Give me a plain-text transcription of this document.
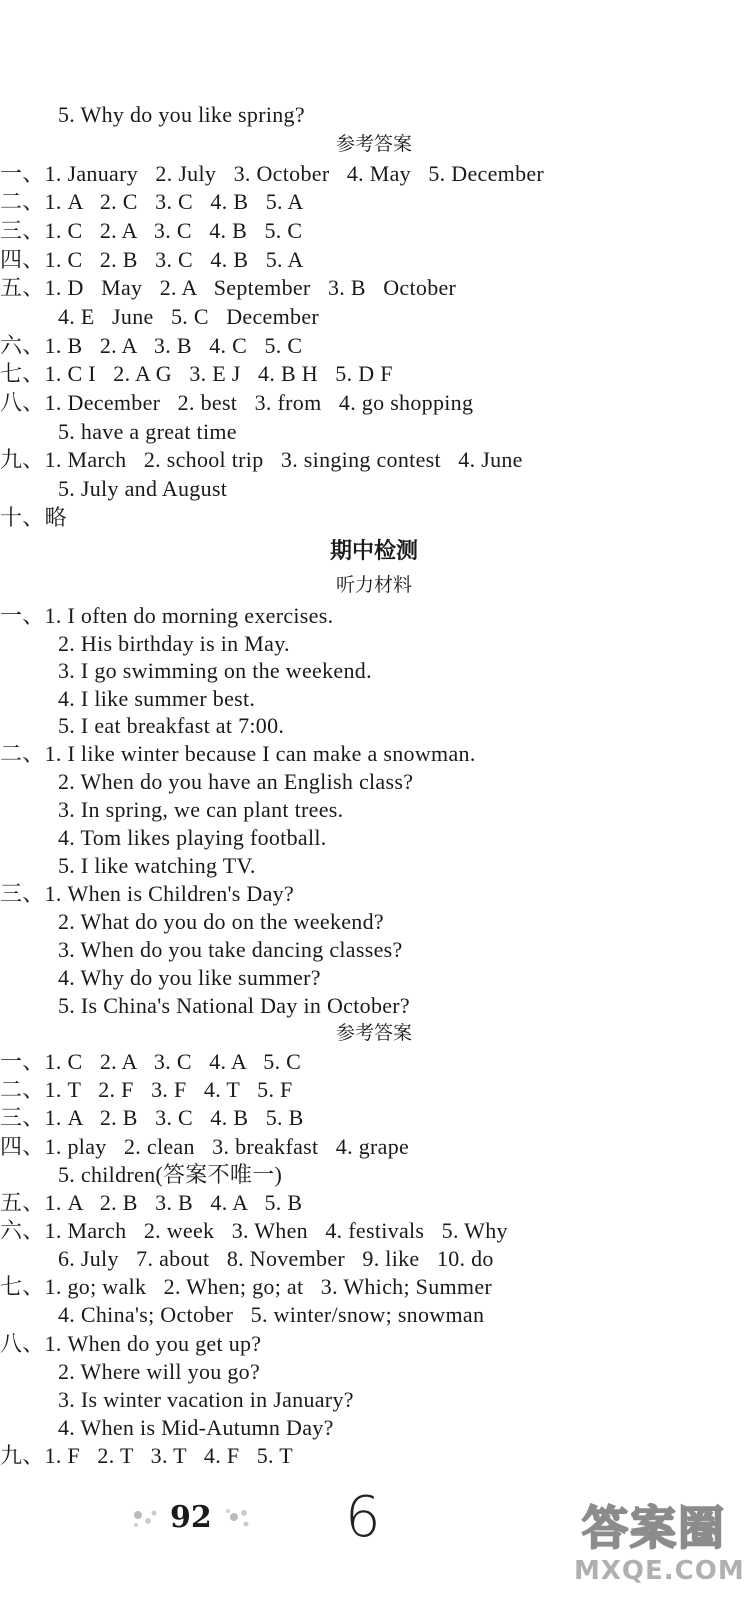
5. Why do you like spring?
参考答案
一、1. January   2. July   3. October   4. May   5. December
二、1. A   2. C   3. C   4. B   5. A
三、1. C   2. A   3. C   4. B   5. C
四、1. C   2. B   3. C   4. B   5. A
五、1. D   May   2. A   September   3. B   October
4. E   June   5. C   December
六、1. B   2. A   3. B   4. C   5. C
七、1. C I   2. A G   3. E J   4. B H   5. D F
八、1. December   2. best   3. from   4. go shopping
5. have a great time
九、1. March   2. school trip   3. singing contest   4. June
5. July and August
十、略
期中检测
听力材料
一、1. I often do morning exercises.
2. His birthday is in May.
3. I go swimming on the weekend.
4. I like summer best.
5. I eat breakfast at 7:00.
二、1. I like winter because I can make a snowman.
2. When do you have an English class?
3. In spring, we can plant trees.
4. Tom likes playing football.
5. I like watching TV.
三、1. When is Children's Day?
2. What do you do on the weekend?
3. When do you take dancing classes?
4. Why do you like summer?
5. Is China's National Day in October?
参考答案
一、1. C   2. A   3. C   4. A   5. C
二、1. T   2. F   3. F   4. T   5. F
三、1. A   2. B   3. C   4. B   5. B
四、1. play   2. clean   3. breakfast   4. grape
5. children(答案不唯一)
五、1. A   2. B   3. B   4. A   5. B
六、1. March   2. week   3. When   4. festivals   5. Why
6. July   7. about   8. November   9. like   10. do
七、1. go; walk   2. When; go; at   3. Which; Summer
4. China's; October   5. winter/snow; snowman
八、1. When do you get up?
2. Where will you go?
3. Is winter vacation in January?
4. When is Mid-Autumn Day?
九、1. F   2. T   3. T   4. F   5. T
92 6	答案圈
MXQE.COM
